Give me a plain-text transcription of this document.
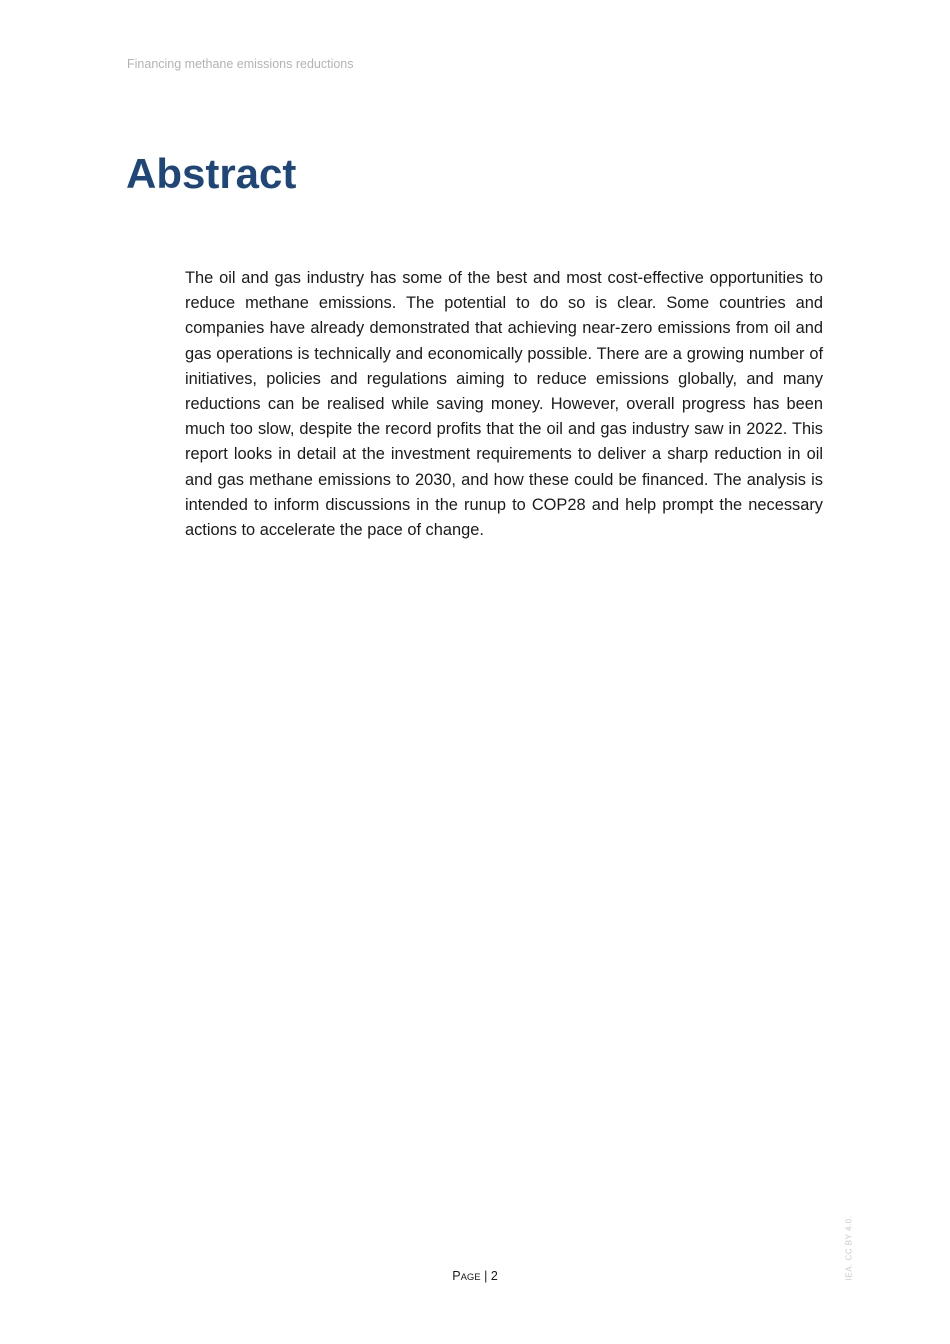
Financing methane emissions reductions
Abstract

The oil and gas industry has some of the best and most cost-effective opportunities to reduce methane emissions. The potential to do so is clear. Some countries and companies have already demonstrated that achieving near-zero emissions from oil and gas operations is technically and economically possible. There are a growing number of initiatives, policies and regulations aiming to reduce emissions globally, and many reductions can be realised while saving money. However, overall progress has been much too slow, despite the record profits that the oil and gas industry saw in 2022. This report looks in detail at the investment requirements to deliver a sharp reduction in oil and gas methane emissions to 2030, and how these could be financed. The analysis is intended to inform discussions in the runup to COP28 and help prompt the necessary actions to accelerate the pace of change.

PAGE | 2	IEA. CC BY 4.0.
